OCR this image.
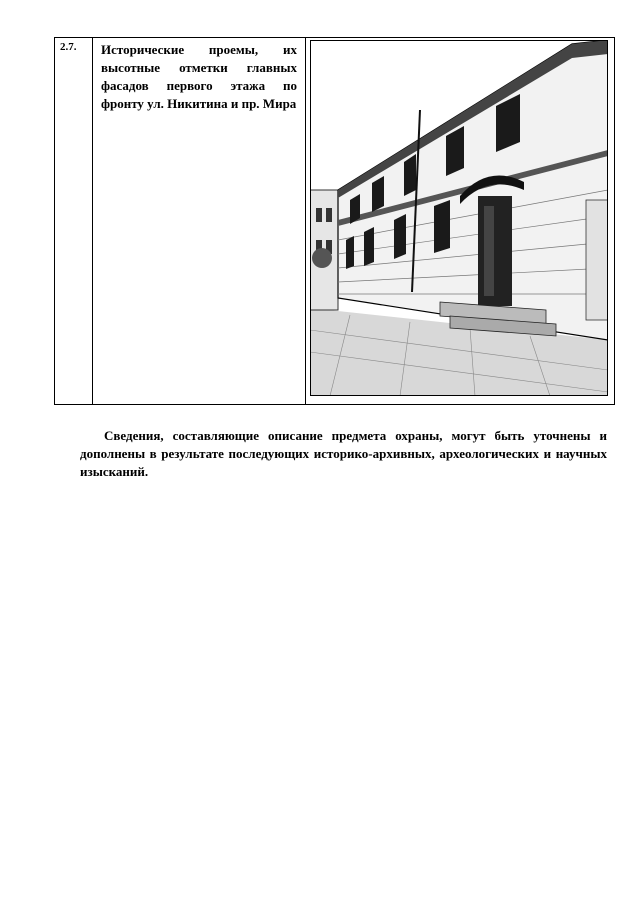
2.7.	Исторические проемы, их высотные отметки главных фасадов первого этажа по фронту ул. Никитина и пр. Мира	

Сведения, составляющие описание предмета охраны, могут быть уточнены и дополнены в результате последующих историко-архивных, археологических и научных изысканий.
